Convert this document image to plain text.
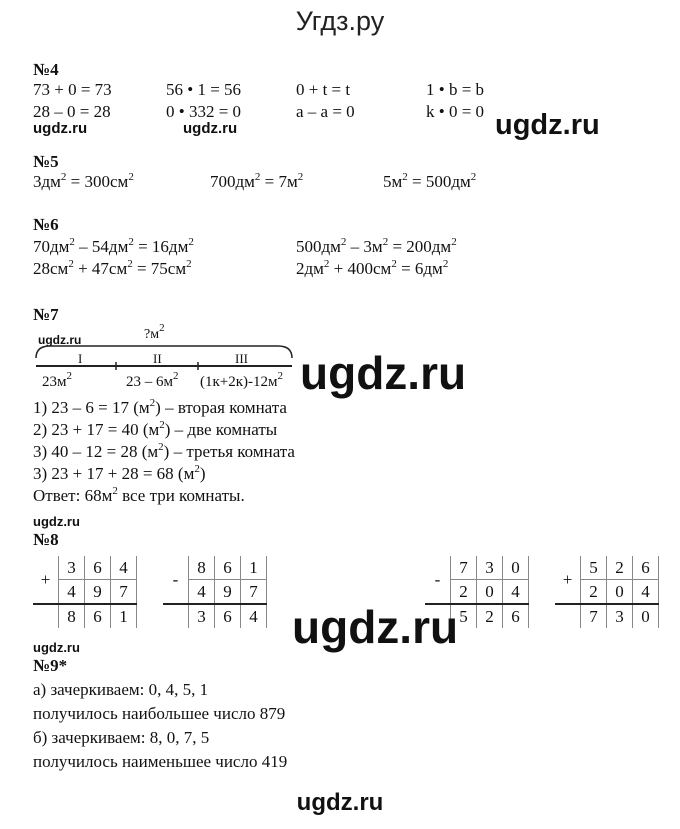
Угдз.ру
№4
73 + 0 = 73	56 • 1 = 56	0 + t = t	1 • b = b
28 – 0 = 28	0 • 332 = 0	a – a = 0	k • 0 = 0
ugdz.ru	ugdz.ru	ugdz.ru
№5
$3дм^2 = 300см^2$	$700дм^2 = 7м^2$	$5м^2 = 500дм^2$
№6
$70дм^2 - 54дм^2 = 16дм^2$	$500дм^2 - 3м^2 = 200дм^2$
$28см^2 + 47см^2 = 75см^2$	$2дм^2 + 400см^2 = 6дм^2$
№7
ugdz.ru	$?м^2$
I	II	III
$23м^2$	$23 - 6м^2$ $(1к+2к)-12м^2$ ugdz.ru
1) 23 – 6 = 17 $(м^2)$ – вторая комната
2) 23 + 17 = 40 $(м^2)$ – две комнаты
3) 40 – 12 = 28 $(м^2)$ – третья комната
3) 23 + 17 + 28 = 68 $(м^2)$
Ответ: $68м^2$ все три комнаты.
ugdz.ru
№8
+	3	6	4
	4	9	7
	8	6	1
-	8	6	1
	4	9	7
	3	6	4
-	7	3	0
	2	0	4
	5	2	6
+	5	2	6
	2	0	4
	7	3	0
ugdz.ru
ugdz.ru
№9*
а) зачеркиваем: 0, 4, 5, 1
получилось наибольшее число 879
б) зачеркиваем: 8, 0, 7, 5
получилось наименьшее число 419
ugdz.ru
